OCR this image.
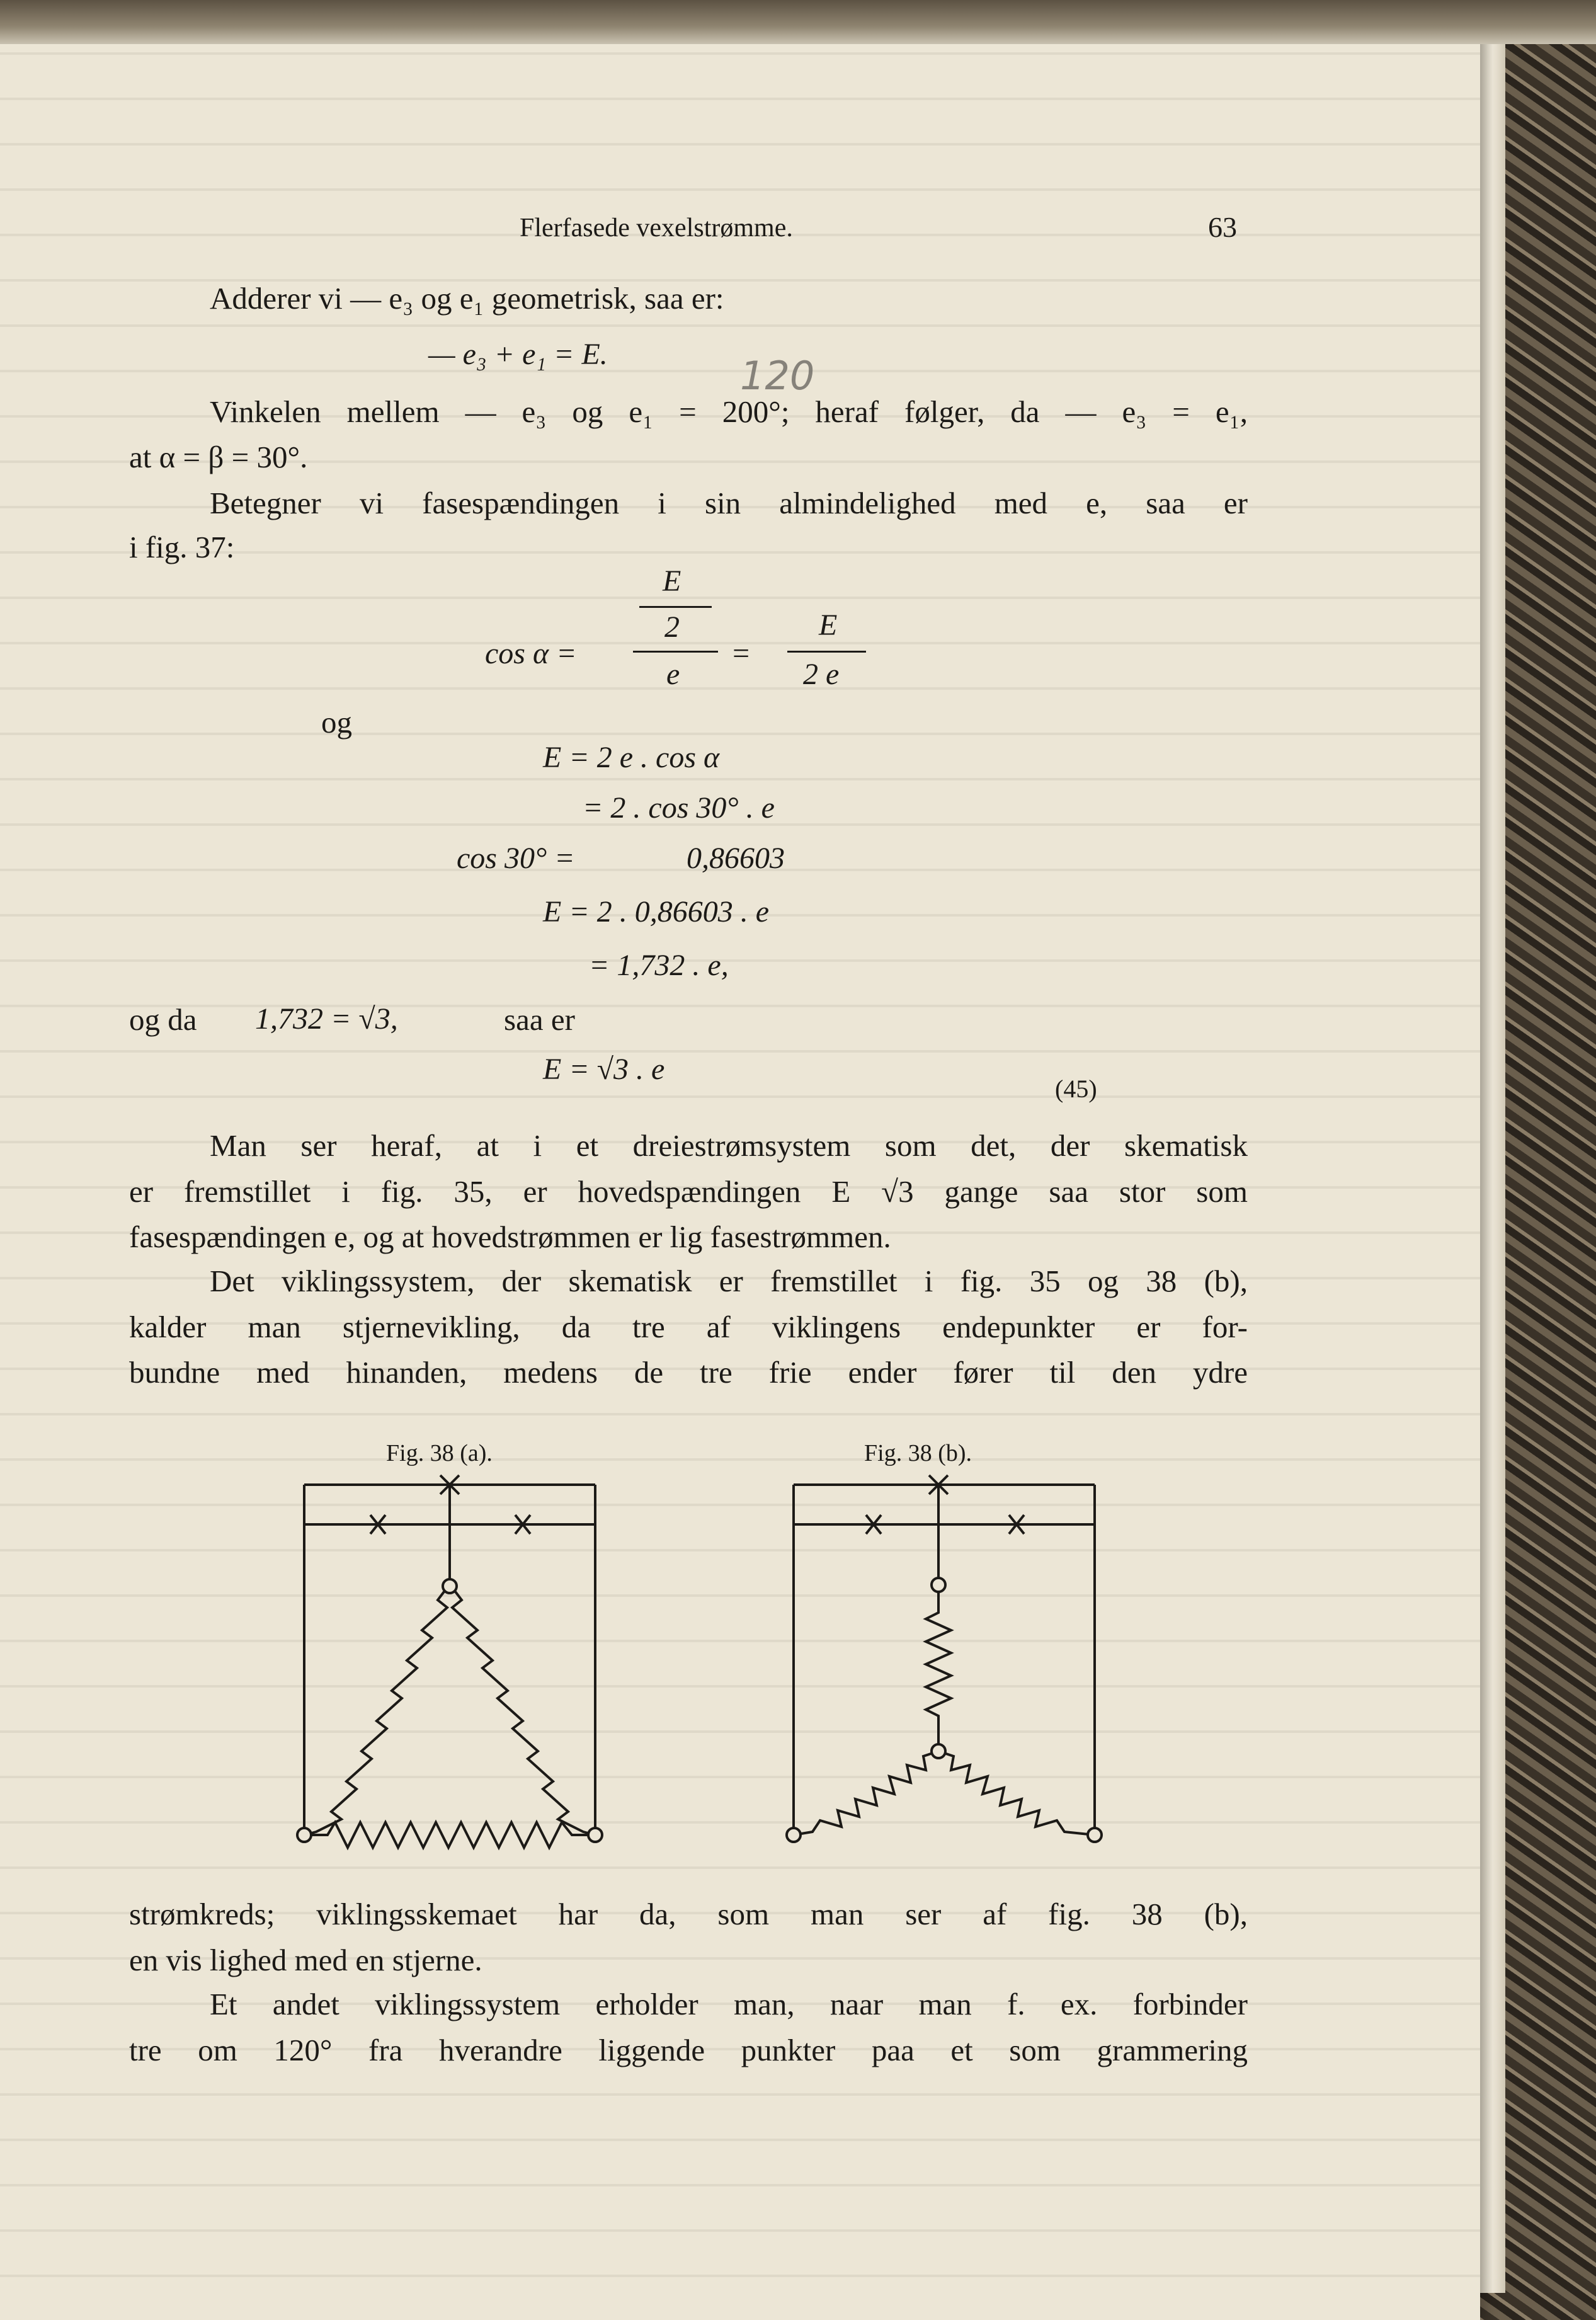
Flerfasede vexelstrømme.	63
Adderer vi — e₃ og e₁ geometrisk, saa er:
— e₃ + e₁ = E.	120
Vinkelen mellem — e₃ og e₁ = 200°; heraf følger, da — e₃ = e₁,
at α = β = 30°.
Betegner vi fasespændingen i sin almindelighed med e, saa er
i fig. 37:
cos α =
E
2
e
=
E
2 e
og
E = 2 e . cos α
= 2 . cos 30° . e
cos 30° =	0,86603
E = 2 . 0,86603 . e
= 1,732 . e,
og da 1,732 = √3,	saa er
E = √3 . e
(45)
Man ser heraf, at i et dreiestrømsystem som det, der skematisk
er fremstillet i fig. 35, er hovedspændingen E √3 gange saa stor som
fasespændingen e, og at hovedstrømmen er lig fasestrømmen.
Det viklingssystem, der skematisk er fremstillet i fig. 35 og 38 (b),
kalder man stjernevikling, da tre af viklingens endepunkter er for-
bundne med hinanden, medens de tre frie ender fører til den ydre
Fig. 38 (a).	Fig. 38 (b).
strømkreds; viklingsskemaet har da, som man ser af fig. 38 (b),
en vis lighed med en stjerne.
Et andet viklingssystem erholder man, naar man f. ex. forbinder
tre om 120° fra hverandre liggende punkter paa et som grammering
